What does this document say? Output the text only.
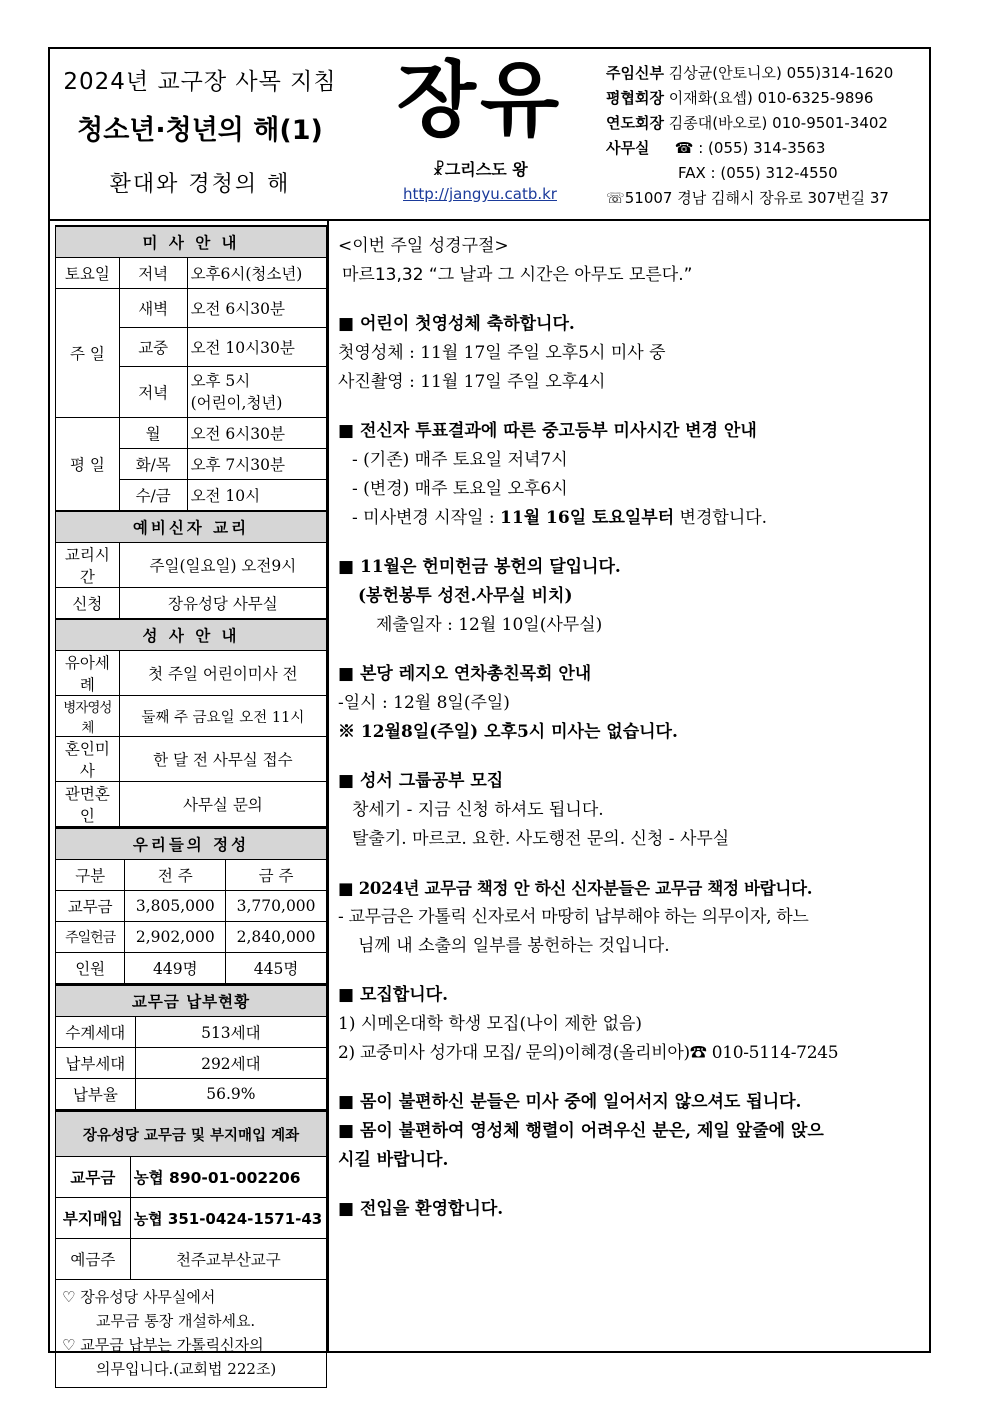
2024년 교구장 사목 지침
청소년·청년의 해(1)
환대와 경청의 해
장유
☧그리스도 왕
http://jangyu.catb.kr
주임신부 김상균(안토니오) 055)314-1620
평협회장 이재화(요셉) 010-6325-9896
연도회장 김종대(바오로) 010-9501-3402
사무실 ☎ : (055) 314-3563
FAX : (055) 312-4550
☏51007 경남 김해시 장유로 307번길 37
미 사 안 내		
토요일	저녁	오후6시(청소년)
주 일	새벽	오전 6시30분
	교중	오전 10시30분
	저녁	오후 5시
(어린이,청년)
평 일	월	오전 6시30분
	화/목	오후 7시30분
	수/금	오전 10시
예비신자 교리		
교리시간	주일(일요일) 오전9시	
신청	장유성당 사무실	
성 사 안 내		
유아세례	첫 주일 어린이미사 전	
병자영성체	둘째 주 금요일 오전 11시	
혼인미사	한 달 전 사무실 접수	
관면혼인	사무실 문의	
우리들의 정성		
구분	전 주	금 주
교무금	3,805,000	3,770,000
주일헌금	2,902,000	2,840,000
인원	449명	445명
교무금 납부현황	
수계세대	513세대
납부세대	292세대
납부율	56.9%
장유성당 교무금 및 부지매입 계좌	
교무금	농협 890-01-002206
부지매입	농협 351-0424-1571-43
예금주	천주교부산교구
♡ 장유성당 사무실에서
교무금 통장 개설하세요.
♡ 교무금 납부는 가톨릭신자의
의무입니다.(교회법 222조)
<이번 주일 성경구절>
마르13,32 “그 날과 그 시간은 아무도 모른다.”
■ 어린이 첫영성체 축하합니다.
첫영성체 : 11월 17일 주일 오후5시 미사 중
사진촬영 : 11월 17일 주일 오후4시
■ 전신자 투표결과에 따른 중고등부 미사시간 변경 안내
- (기존) 매주 토요일 저녁7시
- (변경) 매주 토요일 오후6시
- 미사변경 시작일 : 11월 16일 토요일부터 변경합니다.
■ 11월은 헌미헌금 봉헌의 달입니다.
(봉헌봉투 성전.사무실 비치)
제출일자 : 12월 10일(사무실)
■ 본당 레지오 연차총친목회 안내
-일시 : 12월 8일(주일)
※ 12월8일(주일) 오후5시 미사는 없습니다.
■ 성서 그룹공부 모집
창세기 - 지금 신청 하셔도 됩니다.
탈출기. 마르코. 요한. 사도행전 문의. 신청 - 사무실
■ 2024년 교무금 책정 안 하신 신자분들은 교무금 책정 바랍니다.
- 교무금은 가톨릭 신자로서 마땅히 납부해야 하는 의무이자, 하느
님께 내 소출의 일부를 봉헌하는 것입니다.
■ 모집합니다.
1) 시메온대학 학생 모집(나이 제한 없음)
2) 교중미사 성가대 모집/ 문의)이혜경(올리비아)☎ 010-5114-7245
■ 몸이 불편하신 분들은 미사 중에 일어서지 않으셔도 됩니다.
■ 몸이 불편하여 영성체 행렬이 어려우신 분은, 제일 앞줄에 앉으
시길 바랍니다.
■ 전입을 환영합니다.
